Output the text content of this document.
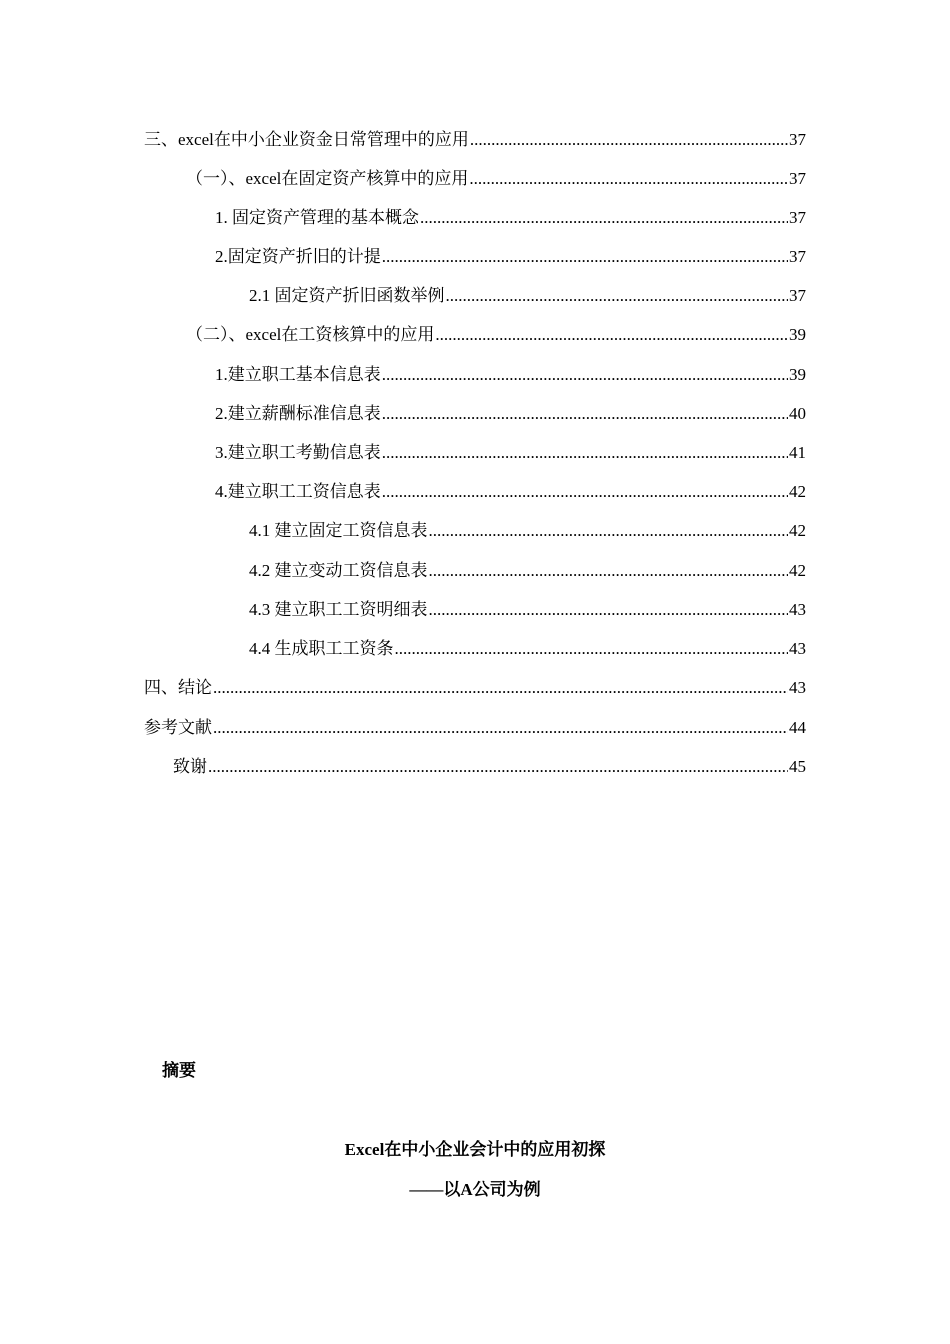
三、excel在中小企业资金日常管理中的应用 .....	37
（一）、excel在固定资产核算中的应用 .....	37
1. 固定资产管理的基本概念 .....	37
2.固定资产折旧的计提 .....	37
2.1 固定资产折旧函数举例 .....	37
（二）、excel在工资核算中的应用 .....	39
1.建立职工基本信息表 .....	39
2.建立薪酬标准信息表 .....	40
3.建立职工考勤信息表 .....	41
4.建立职工工资信息表 .....	42
4.1 建立固定工资信息表 .....	42
4.2 建立变动工资信息表 .....	42
4.3 建立职工工资明细表 .....	43
4.4 生成职工工资条 .....	43
四、结论 .....	43
参考文献 .....	44
致谢 .....	45
摘要
Excel在中小企业会计中的应用初探
——以A公司为例
